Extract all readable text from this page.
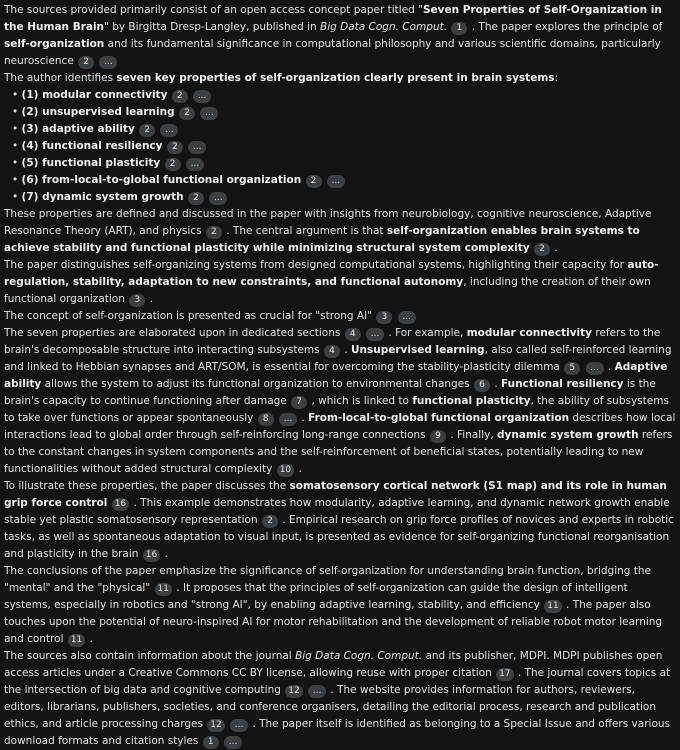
The sources provided primarily consist of an open access concept paper titled "Seven Properties of Self-Organization in the Human Brain" by Birgitta Dresp-Langley, published in Big Data Cogn. Comput. 1 . The paper explores the principle of self-organization and its fundamental significance in computational philosophy and various scientific domains, particularly neuroscience 2 ...

The author identifies seven key properties of self-organization clearly present in brain systems:

• (1) modular connectivity 2 ...
• (2) unsupervised learning 2 ...
• (3) adaptive ability 2 ...
• (4) functional resiliency 2 ...
• (5) functional plasticity 2 ...
• (6) from-local-to-global functional organization 2 ...
• (7) dynamic system growth 2 ...

These properties are defined and discussed in the paper with insights from neurobiology, cognitive neuroscience, Adaptive Resonance Theory (ART), and physics 2 . The central argument is that self-organization enables brain systems to achieve stability and functional plasticity while minimizing structural system complexity 2 .

The paper distinguishes self-organizing systems from designed computational systems, highlighting their capacity for auto-regulation, stability, adaptation to new constraints, and functional autonomy, including the creation of their own functional organization 3 .

The concept of self-organization is presented as crucial for "strong AI" 3 ...

The seven properties are elaborated upon in dedicated sections 4 ... . For example, modular connectivity refers to the brain's decomposable structure into interacting subsystems 4 . Unsupervised learning, also called self-reinforced learning and linked to Hebbian synapses and ART/SOM, is essential for overcoming the stability-plasticity dilemma 5 ... . Adaptive ability allows the system to adjust its functional organization to environmental changes 6 . Functional resiliency is the brain's capacity to continue functioning after damage 7 , which is linked to functional plasticity, the ability of subsystems to take over functions or appear spontaneously 8 ... . From-local-to-global functional organization describes how local interactions lead to global order through self-reinforcing long-range connections 9 . Finally, dynamic system growth refers to the constant changes in system components and the self-reinforcement of beneficial states, potentially leading to new functionalities without added structural complexity 10 .

To illustrate these properties, the paper discusses the somatosensory cortical network (S1 map) and its role in human grip force control 16 . This example demonstrates how modularity, adaptive learning, and dynamic network growth enable stable yet plastic somatosensory representation 2 . Empirical research on grip force profiles of novices and experts in robotic tasks, as well as spontaneous adaptation to visual input, is presented as evidence for self-organizing functional reorganisation and plasticity in the brain 16 .

The conclusions of the paper emphasize the significance of self-organization for understanding brain function, bridging the "mental" and the "physical" 11 . It proposes that the principles of self-organization can guide the design of intelligent systems, especially in robotics and "strong AI", by enabling adaptive learning, stability, and efficiency 11 . The paper also touches upon the potential of neuro-inspired AI for motor rehabilitation and the development of reliable robot motor learning and control 11 .

The sources also contain information about the journal Big Data Cogn. Comput. and its publisher, MDPI. MDPI publishes open access articles under a Creative Commons CC BY license, allowing reuse with proper citation 17 . The journal covers topics at the intersection of big data and cognitive computing 12 ... . The website provides information for authors, reviewers, editors, librarians, publishers, societies, and conference organisers, detailing the editorial process, research and publication ethics, and article processing charges 12 ... . The paper itself is identified as belonging to a Special Issue and offers various download formats and citation styles 1 ...
